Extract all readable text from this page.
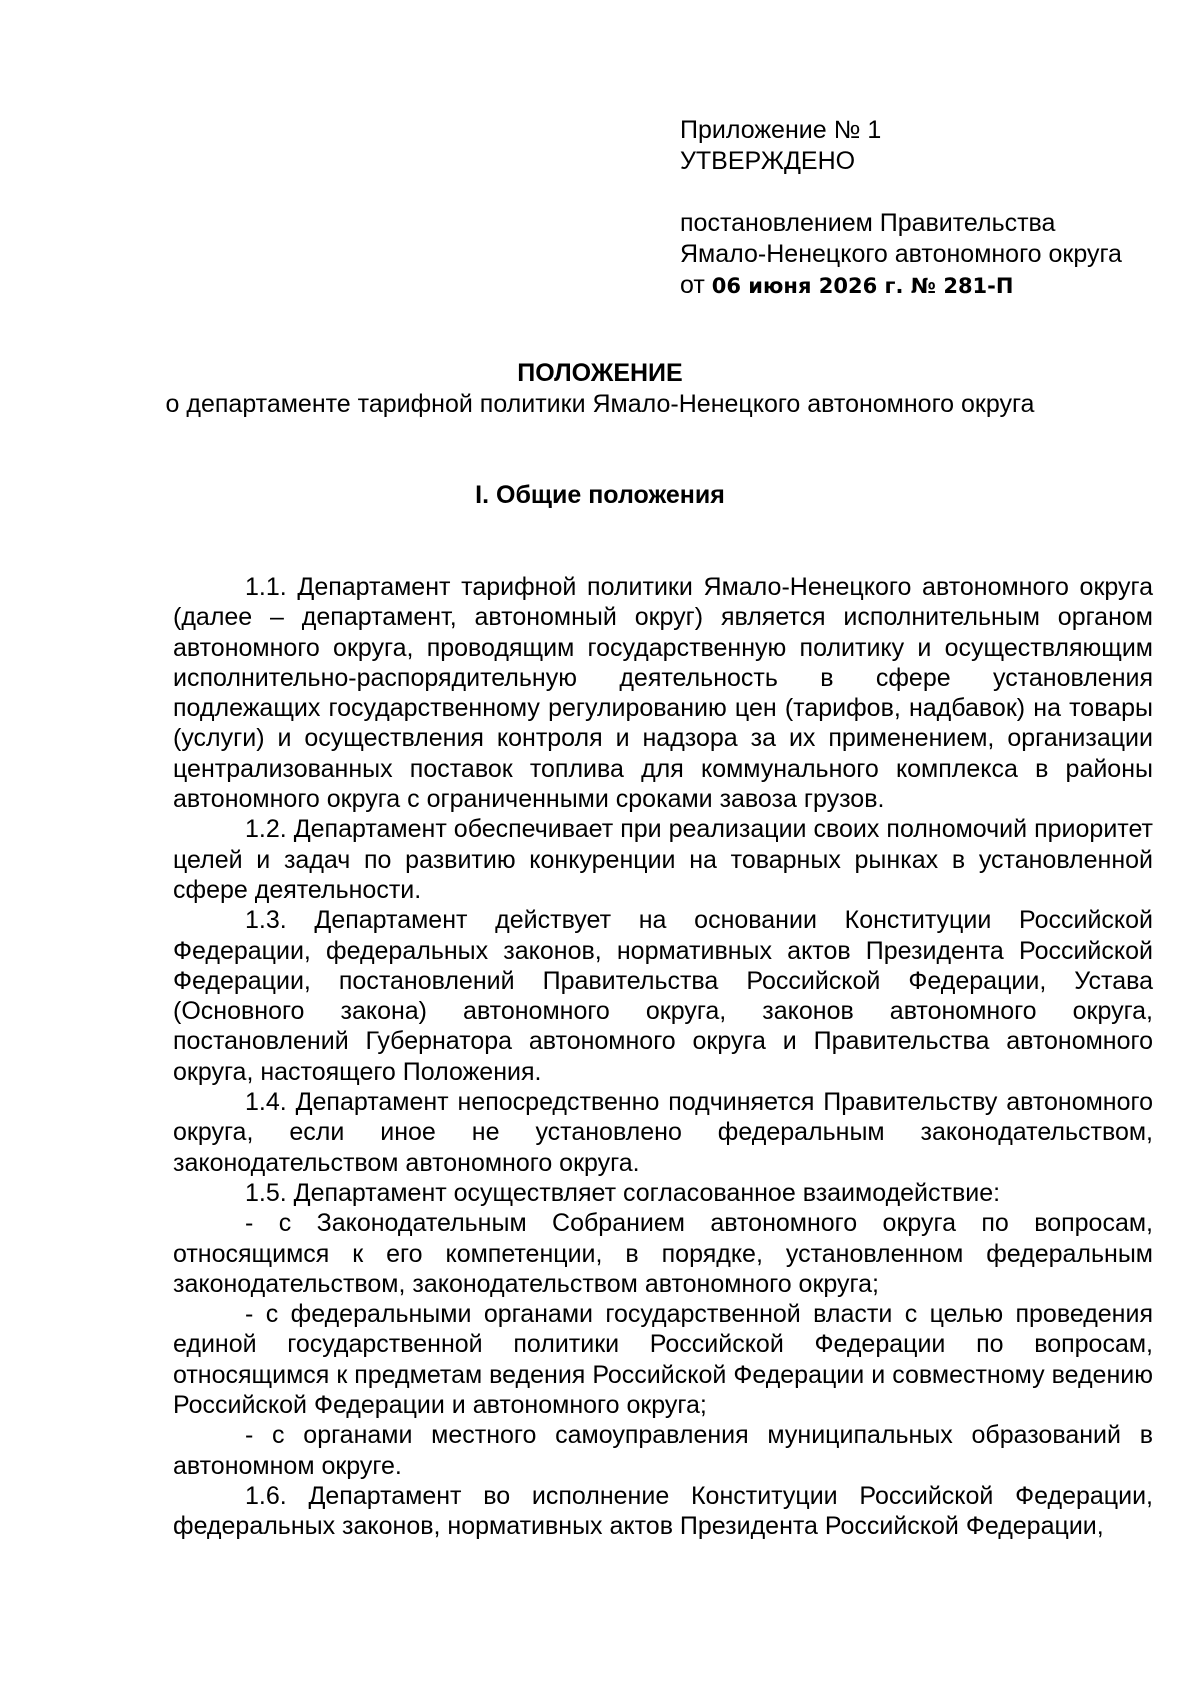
Приложение № 1
УТВЕРЖДЕНО
постановлением Правительства
Ямало-Ненецкого автономного округа
от 06 июня 2026 г. № 281-П
ПОЛОЖЕНИЕ
о департаменте тарифной политики Ямало-Ненецкого автономного округа
I. Общие положения

1.1. Департамент тарифной политики Ямало-Ненецкого автономного округа (далее – департамент, автономный округ) является исполнительным органом автономного округа, проводящим государственную политику и осуществляющим исполнительно-распорядительную деятельность в сфере установления подлежащих государственному регулированию цен (тарифов, надбавок) на товары (услуги) и осуществления контроля и надзора за их применением, организации централизованных поставок топлива для коммунального комплекса в районы автономного округа с ограниченными сроками завоза грузов.

1.2. Департамент обеспечивает при реализации своих полномочий приоритет целей и задач по развитию конкуренции на товарных рынках в установленной сфере деятельности.

1.3. Департамент действует на основании Конституции Российской Федерации, федеральных законов, нормативных актов Президента Российской Федерации, постановлений Правительства Российской Федерации, Устава (Основного закона) автономного округа, законов автономного округа, постановлений Губернатора автономного округа и Правительства автономного округа, настоящего Положения.

1.4. Департамент непосредственно подчиняется Правительству автономного округа, если иное не установлено федеральным законодательством, законодательством автономного округа.

1.5. Департамент осуществляет согласованное взаимодействие:

- с Законодательным Собранием автономного округа по вопросам, относящимся к его компетенции, в порядке, установленном федеральным законодательством, законодательством автономного округа;

- с федеральными органами государственной власти с целью проведения единой государственной политики Российской Федерации по вопросам, относящимся к предметам ведения Российской Федерации и совместному ведению Российской Федерации и автономного округа;

- с органами местного самоуправления муниципальных образований в автономном округе.

1.6. Департамент во исполнение Конституции Российской Федерации, федеральных законов, нормативных актов Президента Российской Федерации,
